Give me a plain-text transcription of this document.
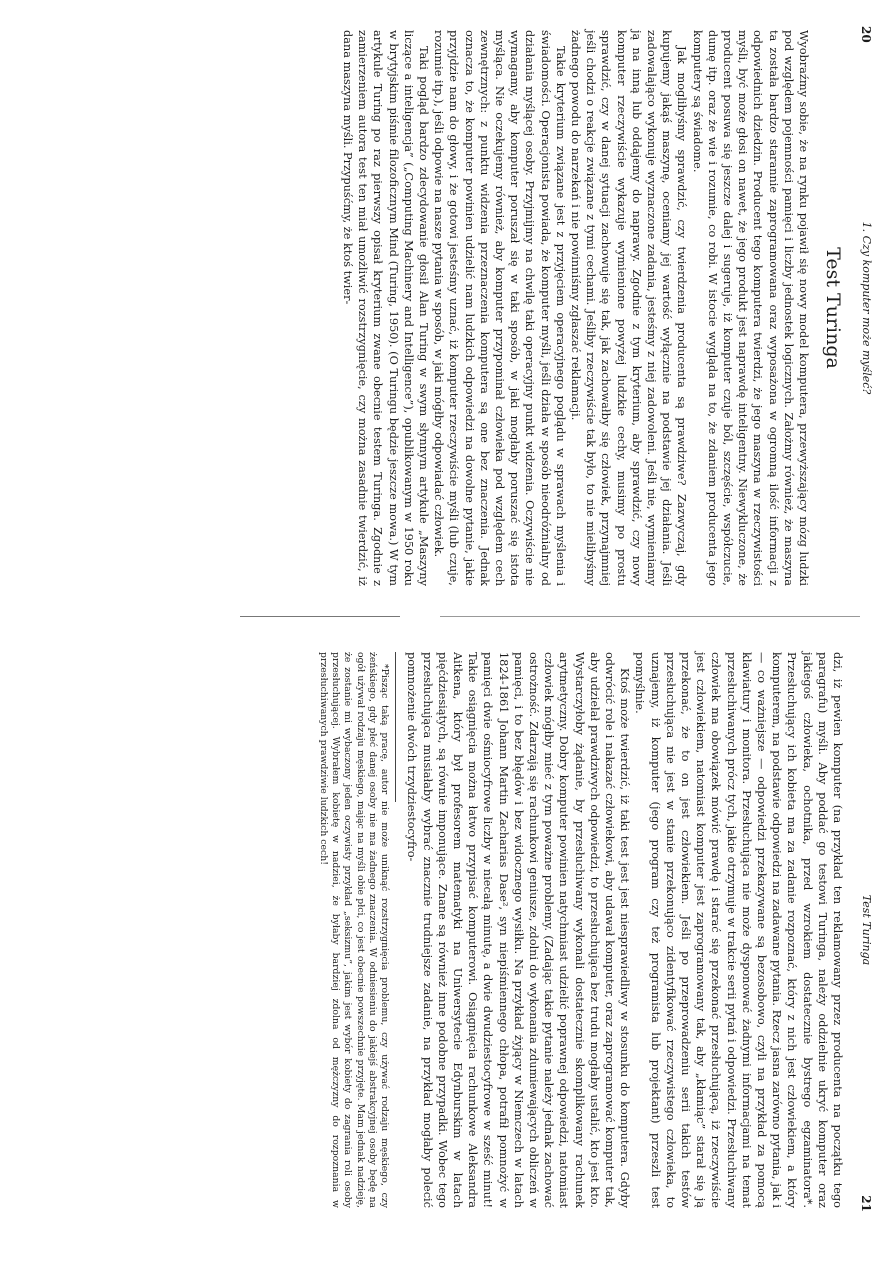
20
1. Czy komputer może myśleć?
Test Turinga

Wyobraźmy sobie, że na rynku pojawił się nowy model komputera, przewyższający mózg ludzki pod względem pojemności pamięci i liczby jednostek logicznych. Założmy również, że maszyna ta została bardzo starannie zaprogramowana oraz wyposażona w ogromną ilość informacji z odpowiednich dziedzin. Producent tego komputera twierdzi, że jego maszyna w rzeczywistości myśli, być może głosi on nawet, że jego produkt jest naprawdę inteligentny. Niewykluczone, że producent posuwa się jeszcze dalej i sugeruje, iż komputer czuje ból, szczęście, współczucie, dumę itp. oraz że wie i rozumie, co robi. W istocie wygląda na to, że zdaniem producenta jego komputery są świadome.

Jak moglibyśmy sprawdzić, czy twierdzenia producenta są prawdziwe? Zazwyczaj, gdy kupujemy jakąś maszynę, oceniamy jej wartość wyłącznie na podstawie jej działania. Jeśli zadowalająco wykonuje wyznaczone zadania, jesteśmy z niej zadowoleni. Jeśli nie, wymieniamy ją na inną lub oddajemy do naprawy. Zgodnie z tym kryterium, aby sprawdzić, czy nowy komputer rzeczywiście wykazuje wymienione powyżej ludzkie cechy, musimy po prostu sprawdzić, czy w danej sytuacji zachowuje się tak, jak zachowałby się człowiek, przynajmniej jeśli chodzi o reakcje związane z tymi cechami. Jeśliby rzeczywiście tak było, to nie mielibyśmy żadnego powodu do narzekań i nie powinniśmy zgłaszać reklamacji.

Takie kryterium związane jest z przyjęciem operacyjnego poglądu w sprawach myślenia i świadomości. Operacjonista powiada, że komputer myśli, jeśli działa w sposób nieodróżnialny od działania myślącej osoby. Przyjmijmy na chwilę taki operacyjny punkt widzenia. Oczywiście nie wymagamy, aby komputer poruszał się w taki sposób, w jaki mogłaby poruszać się istota myśląca. Nie oczekujemy również, aby komputer przypominał człowieka pod względem cech zewnętrznych: z punktu widzenia przeznaczenia komputera są one bez znaczenia. Jednak oznacza to, że komputer powinien udzielić nam ludzkich odpowiedzi na dowolne pytanie, jakie przyjdzie nam do głowy, i że gotowi jesteśmy uznać, iż komputer rzeczywiście myśli (lub czuje, rozumie itp.), jeśli odpowie na nasze pytania w sposób, w jaki mógłby odpowiadać człowiek.

Taki pogląd bardzo zdecydowanie głosił Alan Turing w swym słynnym artykule „Maszyny liczące a inteligencja” („Computing Machinery and Intelligence”), opublikowanym w 1950 roku w brytyjskim piśmie filozoficznym Mind (Turing, 1950). (O Turingu będzie jeszcze mowa.) W tym artykule Turing po raz pierwszy opisał kryterium zwane obecnie testem Turinga. Zgodnie z zamierzeniem autora test ten miał umożliwić rozstrzygnięcie, czy można zasadnie twierdzić, iż dana maszyna myśli. Przypuśćmy, że ktoś twier-

Test Turinga
21

dzi, iż pewien komputer (na przykład ten reklamowany przez producenta na początku tego paragrafu) myśli. Aby poddać go testowi Turinga, należy oddzielnie ukryć komputer oraz jakiegoś człowieka, ochotnika, przed wzrokiem dostatecznie bystrego egzaminatora*. Przesłuchujący ich kobieta ma za zadanie rozpoznać, który z nich jest człowiekiem, a który komputerem, na podstawie odpowiedzi na zadawane pytania. Rzecz jasna zarówno pytania, jak i — co ważniejsze — odpowiedzi przekazywane są bezosobowo, czyli na przykład za pomocą klawiatury i monitora. Przesłuchująca nie może dysponować żadnymi informacjami na temat przesłuchiwanych prócz tych, jakie otrzymuje w trakcie serii pytań i odpowiedzi. Przesłuchiwany człowiek ma obowiązek mówić prawdę i starać się przekonać przesłuchującą, iż rzeczywiście jest człowiekiem, natomiast komputer jest zaprogramowany tak, aby „kłamiąc” starał się ją przekonać, że to on jest człowiekiem. Jeśli po przeprowadzeniu serii takich testów przesłuchująca nie jest w stanie przekonująco zidentyfikować rzeczywistego człowieka, to uznajemy, iż komputer (jego program czy też programista lub projektant) przeszli test pomyślnie.

Ktoś może twierdzić, iż taki test jest jest niesprawiedliwy w stosunku do komputera. Gdyby odwrócić role i nakazać człowiekowi, aby udawał komputer, oraz zaprogramować komputer tak, aby udzielał prawdziwych odpowiedzi, to przesłuchująca bez trudu mogłaby ustalić, kto jest kto. Wystarczyłoby żądanie, by przesłuchiwany wykonali dostatecznie skomplikowany rachunek arytmetyczny. Dobry komputer powinien natychmiast udzielić poprawnej odpowiedzi, natomiast człowiek mógłby mieć z tym poważne problemy. (Zadając takie pytanie należy jednak zachować ostrożność. Zdarzają się rachunkowi geniusze, zdolni do wykonania zdumiewających obliczeń w pamięci, i to bez błędów i bez widocznego wysiłku. Na przykład żyjący w Niemczech w latach 1824-1861 Johann Martin Zacharias Dase², syn niepiśmiennego chłopa, potrafił pomnożyć w pamięci dwie ośmiocyfrowe liczby w niecałą minutę, a dwie dwudziestocyfrowe w sześć minut! Takie osiągnięcia można łatwo przypisać komputerowi. Osiągnięcia rachunkowe Aleksandra Aitkena, który był profesorem matematyki na Uniwersytecie Edynburskim w latach pięćdziesiątych, są równie imponujące. Znane są również inne podobne przypadki. Wobec tego przesłuchująca musiałaby wybrać znacznie trudniejsze zadanie, na przykład mogłaby polecić pomnożenie dwóch trzydziestocyfro-

*Pisząc taką pracę, autor nie może uniknąć rozstrzygnięcia problemu, czy używać rodzaju męskiego, czy żeńskiego, gdy płeć danej osoby nie ma żadnego znaczenia. W odniesieniu do jakiejś abstrakcyjnej osoby będę na ogół używał rodzaju męskiego, mając na myśli obie płci, co jest obecnie powszechnie przyjęte. Mam jednak nadzieję, że zostanie mi wybaczony jeden oczywisty przykład „seksizmu”, jakim jest wybór kobiety do zagrania roli osoby przesłuchującej. Wybrałem kobietę w nadziei, że byłaby bardziej zdolna od mężczyzny do rozpoznania w przesłuchiwanych prawdziwie ludzkich cech!
